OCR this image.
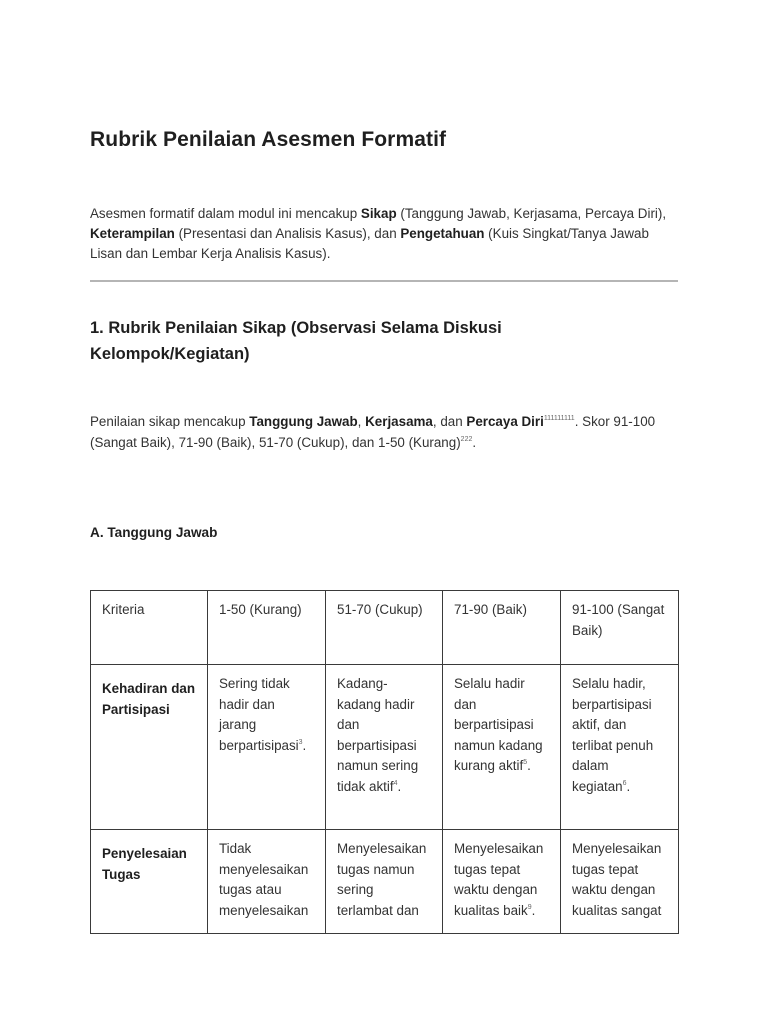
Rubrik Penilaian Asesmen Formatif

Asesmen formatif dalam modul ini mencakup Sikap (Tanggung Jawab, Kerjasama, Percaya Diri), Keterampilan (Presentasi dan Analisis Kasus), dan Pengetahuan (Kuis Singkat/Tanya Jawab Lisan dan Lembar Kerja Analisis Kasus).

1. Rubrik Penilaian Sikap (Observasi Selama Diskusi Kelompok/Kegiatan)

Penilaian sikap mencakup Tanggung Jawab, Kerjasama, dan Percaya Diri$^{111111111}$. Skor 91-100 (Sangat Baik), 71-90 (Baik), 51-70 (Cukup), dan 1-50 (Kurang)$^{222}$.

A. Tanggung Jawab
Kriteria	1-50 (Kurang)	51-70 (Cukup)	71-90 (Baik)	91-100 (Sangat Baik)
Kehadiran dan Partisipasi	Sering tidak hadir dan jarang berpartisipasi$^3$.	Kadang-kadang hadir dan berpartisipasi namun sering tidak aktif$^4$.	Selalu hadir dan berpartisipasi namun kadang kurang aktif$^5$.	Selalu hadir, berpartisipasi aktif, dan terlibat penuh dalam kegiatan$^6$.
Penyelesaian Tugas	Tidak menyelesaikan tugas atau menyelesaikan	Menyelesaikan tugas namun sering terlambat dan	Menyelesaikan tugas tepat waktu dengan kualitas baik$^9$.	Menyelesaikan tugas tepat waktu dengan kualitas sangat
